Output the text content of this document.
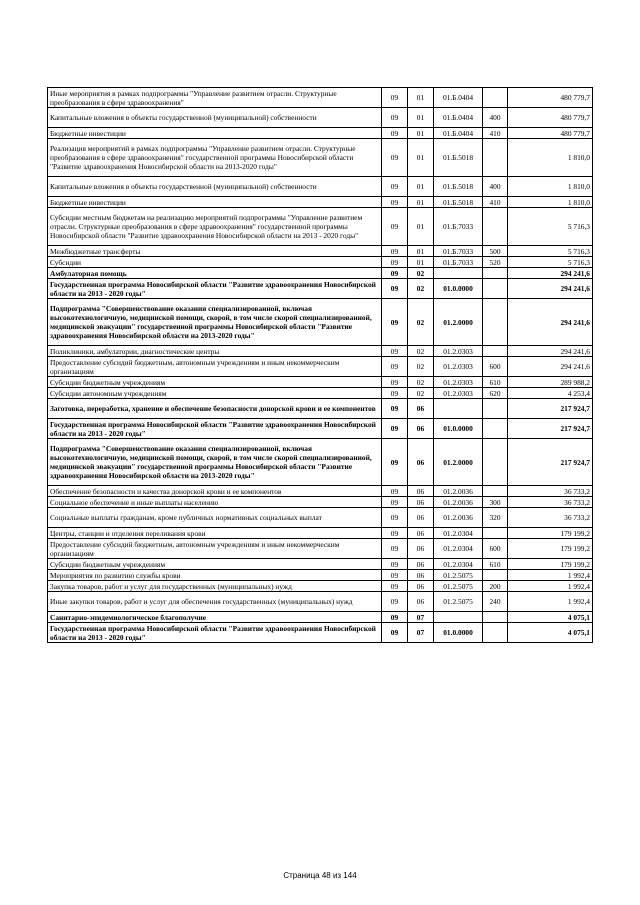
Иные мероприятия в рамках подпрограммы "Управление развитием отрасли. Структурные преобразования в сфере здравоохранения"	09	01	01.Б.0404		480 779,7
Капитальные вложения в объекты государственной (муниципальной) собственности	09	01	01.Б.0404	400	480 779,7
Бюджетные инвестиции	09	01	01.Б.0404	410	480 779,7
Реализация мероприятий в рамках подпрограммы "Управление развитием отрасли. Структурные преобразования в сфере здравоохранения" государственной программы Новосибирской области "Развитие здравоохранения Новосибирской области на 2013-2020 годы"	09	01	01.Б.5018		1 810,0
Капитальные вложения в объекты государственной (муниципальной) собственности	09	01	01.Б.5018	400	1 810,0
Бюджетные инвестиции	09	01	01.Б.5018	410	1 810,0
Субсидии местным бюджетам на реализацию мероприятий подпрограммы "Управление развитием отрасли. Структурные преобразования в сфере здравоохранения" государственной программы Новосибирской области "Развитие здравоохранения Новосибирской области на 2013 - 2020 годы"	09	01	01.Б.7033		5 716,3
Межбюджетные трансферты	09	01	01.Б.7033	500	5 716,3
Субсидии	09	01	01.Б.7033	520	5 716,3
Амбулаторная помощь	09	02			294 241,6
Государственная программа Новосибирской области "Развитие здравоохранения Новосибирской области на 2013 - 2020 годы"	09	02	01.0.0000		294 241,6
Подпрограмма "Совершенствование оказания специализированной, включая высокотехнологичную, медицинской помощи, скорой, в том числе скорой специализированной, медицинской эвакуации" государственной программы Новосибирской области "Развитие здравоохранения Новосибирской области на 2013-2020 годы"	09	02	01.2.0000		294 241,6
Поликлиники, амбулатории, диагностические центры	09	02	01.2.0303		294 241,6
Предоставление субсидий бюджетным, автономным учреждениям и иным некоммерческим организациям	09	02	01.2.0303	600	294 241,6
Субсидии бюджетным учреждениям	09	02	01.2.0303	610	289 988,2
Субсидии автономным учреждениям	09	02	01.2.0303	620	4 253,4
Заготовка, переработка, хранение и обеспечение безопасности донорской крови и ее компонентов	09	06			217 924,7
Государственная программа Новосибирской области "Развитие здравоохранения Новосибирской области на 2013 - 2020 годы"	09	06	01.0.0000		217 924,7
Подпрограмма "Совершенствование оказания специализированной, включая высокотехнологичную, медицинской помощи, скорой, в том числе скорой специализированной, медицинской эвакуации" государственной программы Новосибирской области "Развитие здравоохранения Новосибирской области на 2013-2020 годы"	09	06	01.2.0000		217 924,7
Обеспечение безопасности и качества донорской крови и ее компонентов	09	06	01.2.0036		36 733,2
Социальное обеспечение и иные выплаты населению	09	06	01.2.0036	300	36 733,2
Социальные выплаты гражданам, кроме публичных нормативных социальных выплат	09	06	01.2.0036	320	36 733,2
Центры, станции и отделения переливания крови	09	06	01.2.0304		179 199,2
Предоставление субсидий бюджетным, автономным учреждениям и иным некоммерческим организациям	09	06	01.2.0304	600	179 199,2
Субсидии бюджетным учреждениям	09	06	01.2.0304	610	179 199,2
Мероприятия по развитию службы крови	09	06	01.2.5075		1 992,4
Закупка товаров, работ и услуг для государственных (муниципальных) нужд	09	06	01.2.5075	200	1 992,4
Иные закупки товаров, работ и услуг для обеспечения государственных (муниципальных) нужд	09	06	01.2.5075	240	1 992,4
Санитарно-эпидемиологическое благополучие	09	07			4 075,1
Государственная программа Новосибирской области "Развитие здравоохранения Новосибирской области на 2013 - 2020 годы"	09	07	01.0.0000		4 075,1
Страница 48 из 144
